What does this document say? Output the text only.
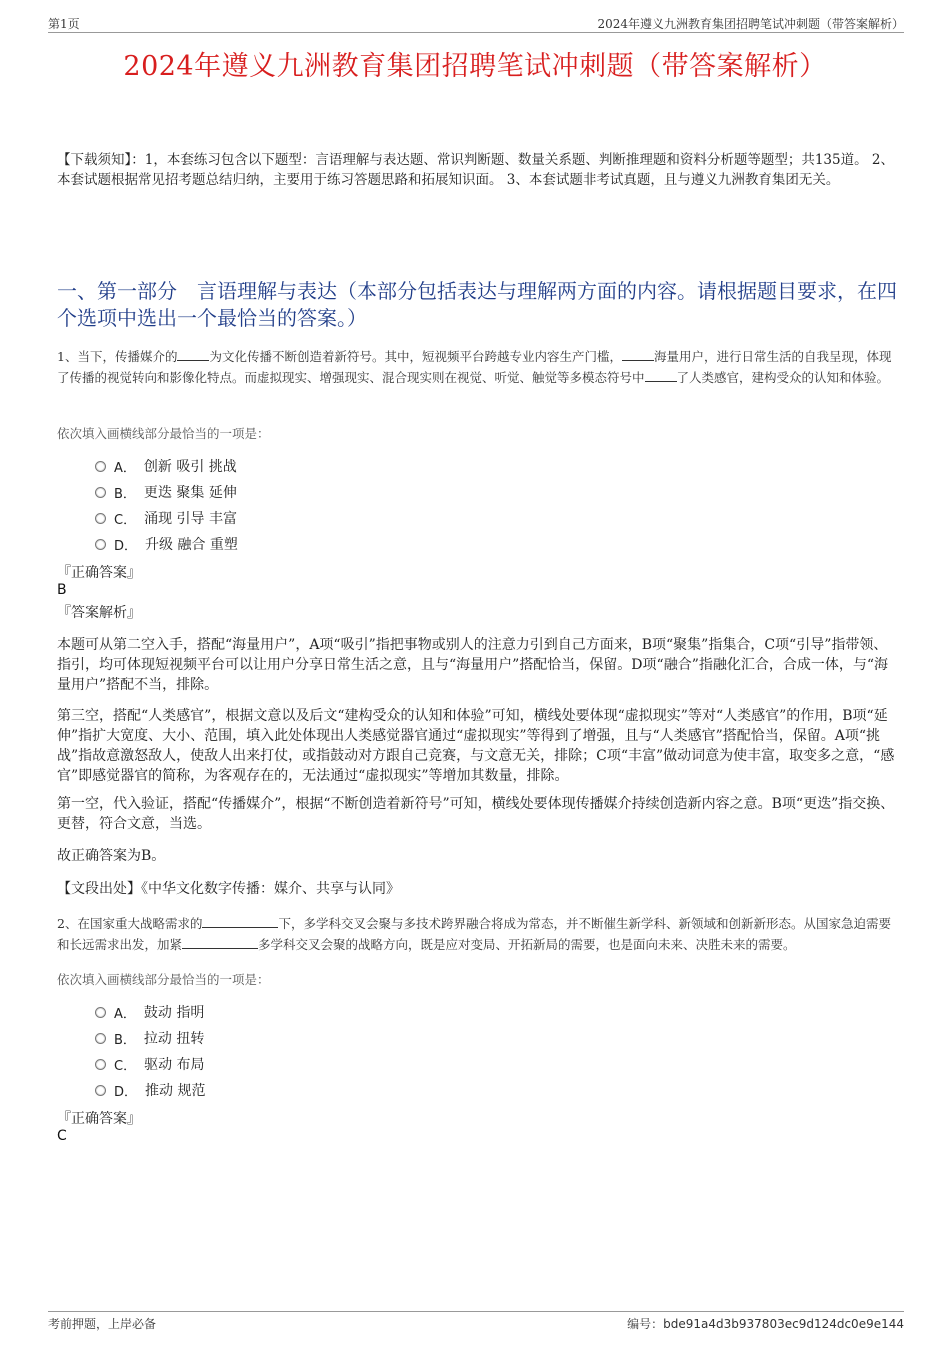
第1页	2024年遵义九洲教育集团招聘笔试冲刺题（带答案解析）
2024年遵义九洲教育集团招聘笔试冲刺题（带答案解析）
【下载须知】：1，本套练习包含以下题型：言语理解与表达题、常识判断题、数量关系题、判断推理题和资料分析题等题型；共135道。 2、本套试题根据常见招考题总结归纳，主要用于练习答题思路和拓展知识面。 3、本套试题非考试真题，且与遵义九洲教育集团无关。
一、第一部分　言语理解与表达（本部分包括表达与理解两方面的内容。请根据题目要求，在四个选项中选出一个最恰当的答案。）
1、当下，传播媒介的	为文化传播不断创造着新符号。其中，短视频平台跨越专业内容生产门槛，	海量用户，进行日常生活的自我呈现，体现了传播的视觉转向和影像化特点。而虚拟现实、增强现实、混合现实则在视觉、听觉、触觉等多模态符号中	了人类感官，建构受众的认知和体验。
依次填入画横线部分最恰当的一项是：
A． 创新 吸引 挑战
B． 更迭 聚集 延伸
C． 涌现 引导 丰富
D． 升级 融合 重塑
『正确答案』
B
『答案解析』
本题可从第二空入手，搭配“海量用户”，A项“吸引”指把事物或别人的注意力引到自己方面来，B项“聚集”指集合，C项“引导”指带领、指引，均可体现短视频平台可以让用户分享日常生活之意，且与“海量用户”搭配恰当，保留。D项“融合”指融化汇合，合成一体，与“海量用户”搭配不当，排除。
第三空，搭配“人类感官”，根据文意以及后文“建构受众的认知和体验”可知，横线处要体现“虚拟现实”等对“人类感官”的作用，B项“延伸”指扩大宽度、大小、范围，填入此处体现出人类感觉器官通过“虚拟现实”等得到了增强，且与“人类感官”搭配恰当，保留。A项“挑战”指故意激怒敌人，使敌人出来打仗，或指鼓动对方跟自己竞赛，与文意无关，排除；C项“丰富”做动词意为使丰富，取变多之意，“感官”即感觉器官的简称，为客观存在的，无法通过“虚拟现实”等增加其数量，排除。
第一空，代入验证，搭配“传播媒介”，根据“不断创造着新符号”可知，横线处要体现传播媒介持续创造新内容之意。B项“更迭”指交换、更替，符合文意，当选。
故正确答案为B。
【文段出处】《中华文化数字传播：媒介、共享与认同》
2、在国家重大战略需求的	下，多学科交叉会聚与多技术跨界融合将成为常态，并不断催生新学科、新领域和创新新形态。从国家急迫需要和长远需求出发，加紧	多学科交叉会聚的战略方向，既是应对变局、开拓新局的需要，也是面向未来、决胜未来的需要。
依次填入画横线部分最恰当的一项是：
A． 鼓动 指明
B． 拉动 扭转
C． 驱动 布局
D． 推动 规范
『正确答案』
C
考前押题，上岸必备	编号：bde91a4d3b937803ec9d124dc0e9e144
